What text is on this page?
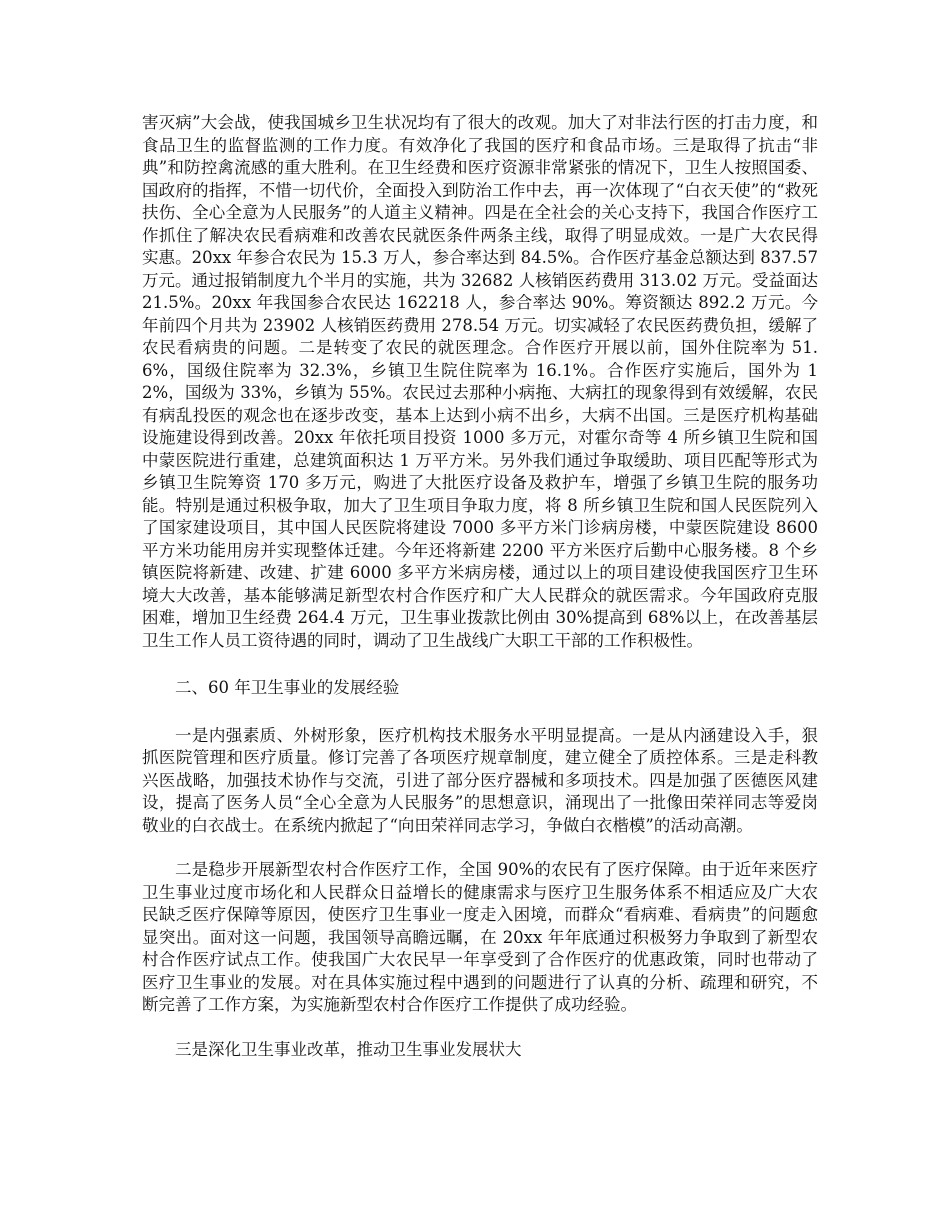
害灭病”大会战，使我国城乡卫生状况均有了很大的改观。加大了对非法行医的打击力度，和食品卫生的监督监测的工作力度。有效净化了我国的医疗和食品市场。三是取得了抗击“非典”和防控禽流感的重大胜利。在卫生经费和医疗资源非常紧张的情况下，卫生人按照国委、国政府的指挥，不惜一切代价，全面投入到防治工作中去，再一次体现了“白衣天使”的“救死扶伤、全心全意为人民服务”的人道主义精神。四是在全社会的关心支持下，我国合作医疗工作抓住了解决农民看病难和改善农民就医条件两条主线，取得了明显成效。一是广大农民得实惠。20xx 年参合农民为 15.3 万人，参合率达到 84.5%。合作医疗基金总额达到 837.57 万元。通过报销制度九个半月的实施，共为 32682 人核销医药费用 313.02 万元。受益面达 21.5%。20xx 年我国参合农民达 162218 人，参合率达 90%。筹资额达 892.2 万元。今年前四个月共为 23902 人核销医药费用 278.54 万元。切实减轻了农民医药费负担，缓解了农民看病贵的问题。二是转变了农民的就医理念。合作医疗开展以前，国外住院率为 51.6%，国级住院率为 32.3%，乡镇卫生院住院率为 16.1%。合作医疗实施后，国外为 12%，国级为 33%，乡镇为 55%。农民过去那种小病拖、大病扛的现象得到有效缓解，农民有病乱投医的观念也在逐步改变，基本上达到小病不出乡，大病不出国。三是医疗机构基础设施建设得到改善。20xx 年依托项目投资 1000 多万元，对霍尔奇等 4 所乡镇卫生院和国中蒙医院进行重建，总建筑面积达 1 万平方米。另外我们通过争取缓助、项目匹配等形式为乡镇卫生院筹资 170 多万元，购进了大批医疗设备及救护车，增强了乡镇卫生院的服务功能。特别是通过积极争取，加大了卫生项目争取力度，将 8 所乡镇卫生院和国人民医院列入了国家建设项目，其中国人民医院将建设 7000 多平方米门诊病房楼，中蒙医院建设 8600 平方米功能用房并实现整体迁建。今年还将新建 2200 平方米医疗后勤中心服务楼。8 个乡镇医院将新建、改建、扩建 6000 多平方米病房楼，通过以上的项目建设使我国医疗卫生环境大大改善，基本能够满足新型农村合作医疗和广大人民群众的就医需求。今年国政府克服困难，增加卫生经费 264.4 万元，卫生事业拨款比例由 30%提高到 68%以上，在改善基层卫生工作人员工资待遇的同时，调动了卫生战线广大职工干部的工作积极性。

二、60 年卫生事业的发展经验

一是内强素质、外树形象，医疗机构技术服务水平明显提高。一是从内涵建设入手，狠抓医院管理和医疗质量。修订完善了各项医疗规章制度，建立健全了质控体系。三是走科教兴医战略，加强技术协作与交流，引进了部分医疗器械和多项技术。四是加强了医德医风建设，提高了医务人员“全心全意为人民服务”的思想意识，涌现出了一批像田荣祥同志等爱岗敬业的白衣战士。在系统内掀起了“向田荣祥同志学习，争做白衣楷模”的活动高潮。

二是稳步开展新型农村合作医疗工作，全国 90%的农民有了医疗保障。由于近年来医疗卫生事业过度市场化和人民群众日益增长的健康需求与医疗卫生服务体系不相适应及广大农民缺乏医疗保障等原因，使医疗卫生事业一度走入困境，而群众“看病难、看病贵”的问题愈显突出。面对这一问题，我国领导高瞻远瞩，在 20xx 年年底通过积极努力争取到了新型农村合作医疗试点工作。使我国广大农民早一年享受到了合作医疗的优惠政策，同时也带动了医疗卫生事业的发展。对在具体实施过程中遇到的问题进行了认真的分析、疏理和研究，不断完善了工作方案，为实施新型农村合作医疗工作提供了成功经验。

三是深化卫生事业改革，推动卫生事业发展状大
